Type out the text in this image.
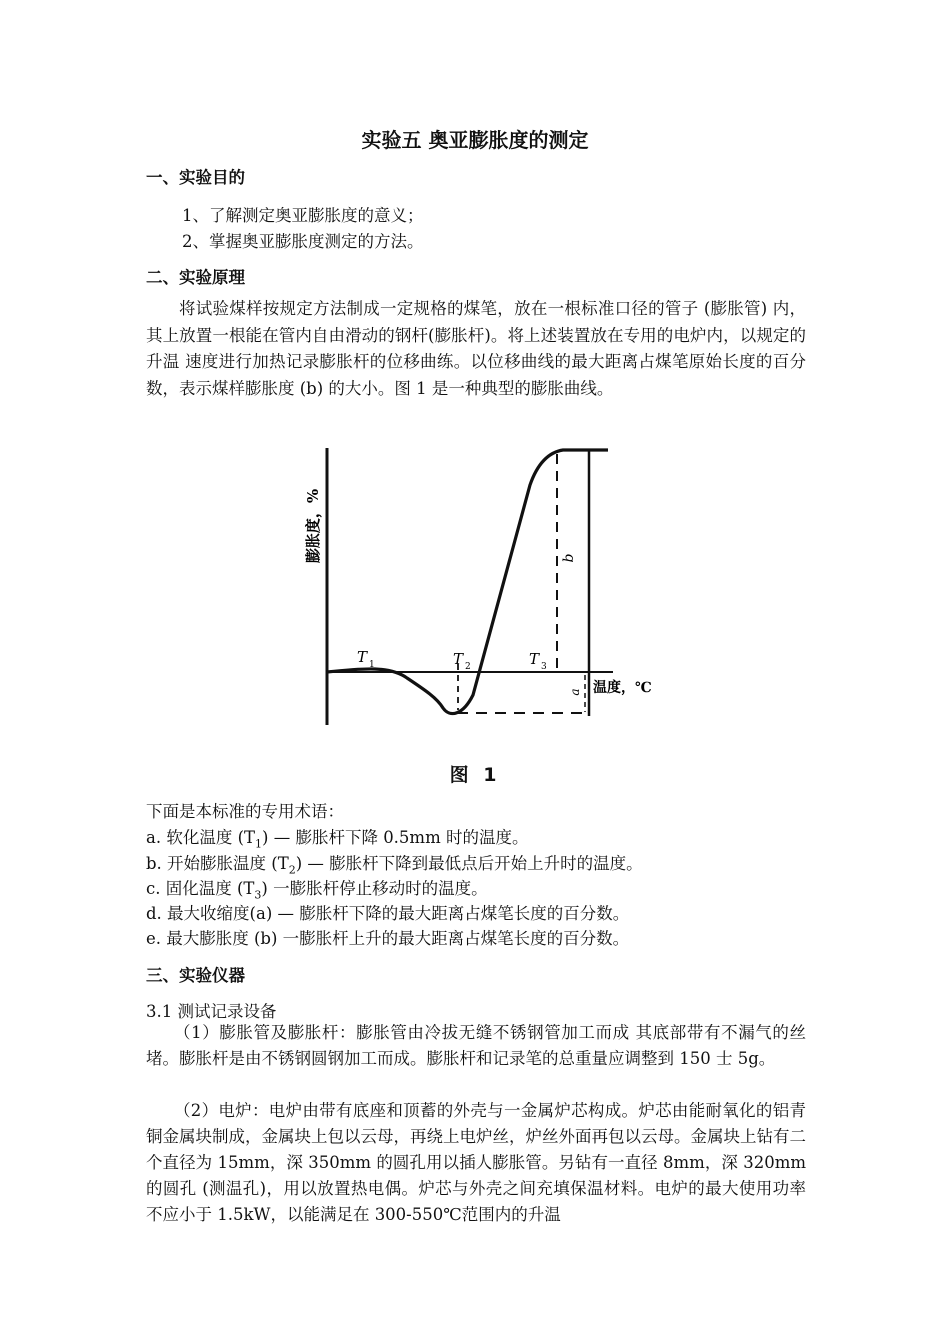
实验五 奥亚膨胀度的测定
一、实验目的
1、了解测定奥亚膨胀度的意义；
2、掌握奥亚膨胀度测定的方法。
二、实验原理
将试验煤样按规定方法制成一定规格的煤笔，放在一根标准口径的管子 (膨胀管) 内，其上放置一根能在管内自由滑动的钢杆(膨胀杆)。将上述装置放在专用的电炉内，以规定的升温 速度进行加热记录膨胀杆的位移曲练。以位移曲线的最大距离占煤笔原始长度的百分数，表示煤样膨胀度 (b) 的大小。图 1 是一种典型的膨胀曲线。
膨胀度，%
T 1	T 2	T 3
b
a 温度，℃
图 1
下面是本标准的专用术语：
a. 软化温度 $(T_1)$ — 膨胀杆下降 0.5mm 时的温度。
b. 开始膨胀温度 $(T_2)$ — 膨胀杆下降到最低点后开始上升时的温度。
c. 固化温度 $(T_3)$ 一膨胀杆停止移动时的温度。
d. 最大收缩度(a) — 膨胀杆下降的最大距离占煤笔长度的百分数。
e. 最大膨胀度 (b) 一膨胀杆上升的最大距离占煤笔长度的百分数。
三、实验仪器
3.1 测试记录设备
（1）膨胀管及膨胀杆：膨胀管由冷拔无缝不锈钢管加工而成 其底部带有不漏气的丝堵。膨胀杆是由不锈钢圆钢加工而成。膨胀杆和记录笔的总重量应调整到 150 士 5g。
（2）电炉：电炉由带有底座和顶蓄的外壳与一金属炉芯构成。炉芯由能耐氧化的铝青铜金属块制成，金属块上包以云母，再绕上电炉丝，炉丝外面再包以云母。金属块上钻有二个直径为 15mm，深 350mm 的圆孔用以插人膨胀管。另钻有一直径 8mm，深 320mm 的圆孔 (测温孔)，用以放置热电偶。炉芯与外壳之间充填保温材料。电炉的最大使用功率不应小于 1.5kW，以能满足在 300-550℃范围内的升温
